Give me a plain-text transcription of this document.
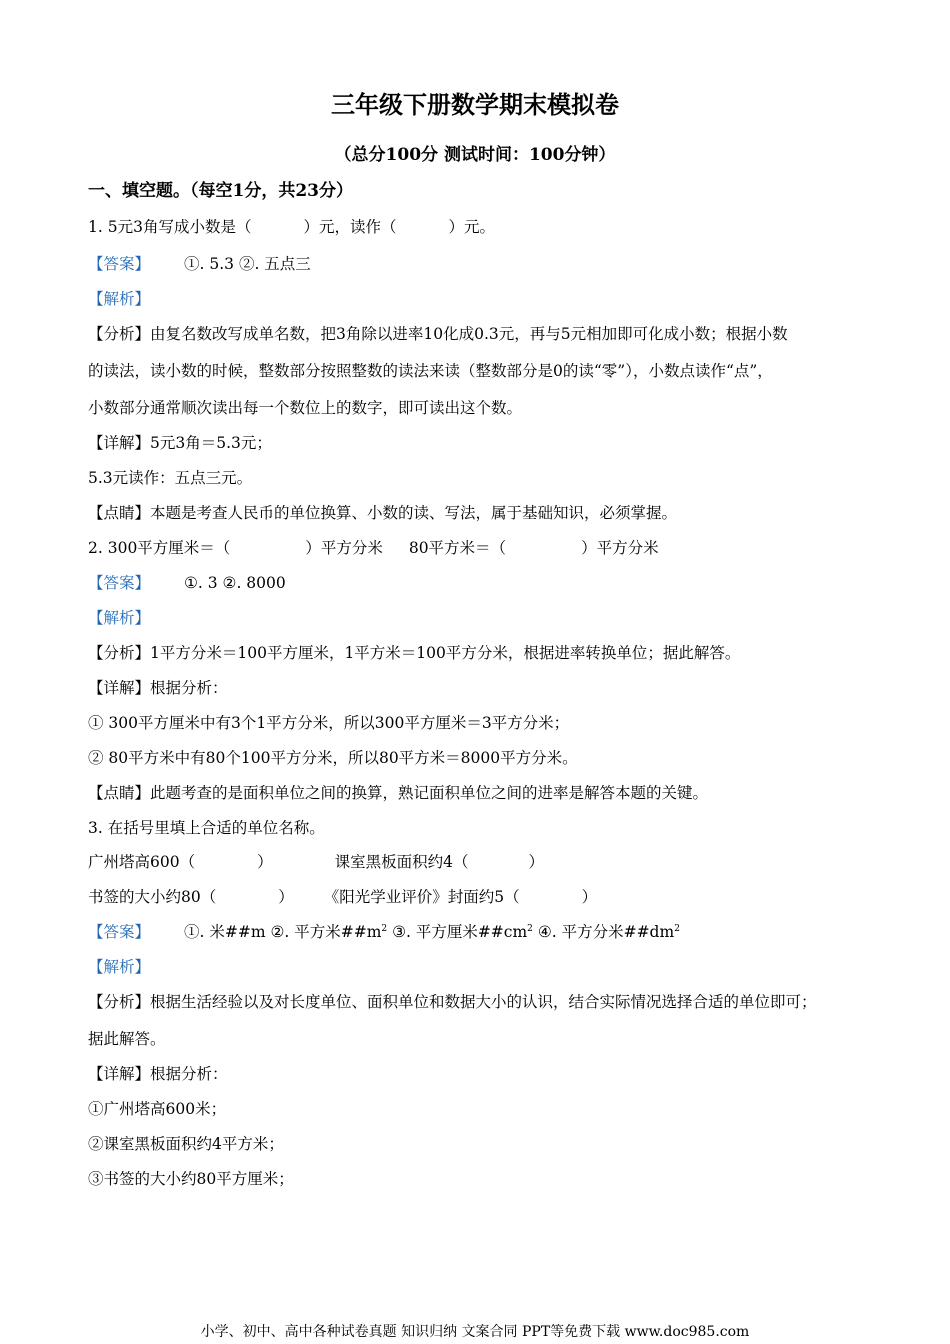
三年级下册数学期末模拟卷
（总分100分 测试时间：100分钟）
一、填空题。（每空1分，共23分）
1. 5元3角写成小数是（	）元，读作（	）元。
【答案】 ①. 5.3 ②. 五点三
【解析】
【分析】由复名数改写成单名数，把3角除以进率10化成0.3元，再与5元相加即可化成小数；根据小数
的读法，读小数的时候，整数部分按照整数的读法来读（整数部分是0的读“零”），小数点读作“点”，
小数部分通常顺次读出每一个数位上的数字，即可读出这个数。
【详解】5元3角＝5.3元；
5.3元读作：五点三元。
【点睛】本题是考查人民币的单位换算、小数的读、写法，属于基础知识，必须掌握。
2. 300平方厘米＝（	）平方分米 80平方米＝（	）平方分米
【答案】 ①. 3 ②. 8000
【解析】
【分析】1平方分米＝100平方厘米，1平方米＝100平方分米，根据进率转换单位；据此解答。
【详解】根据分析：
① 300平方厘米中有3个1平方分米，所以300平方厘米＝3平方分米；
② 80平方米中有80个100平方分米，所以80平方米＝8000平方分米。
【点睛】此题考查的是面积单位之间的换算，熟记面积单位之间的进率是解答本题的关键。
3. 在括号里填上合适的单位名称。
广州塔高600（	）	课室黑板面积约4（	）
书签的大小约80（	） 《阳光学业评价》封面约5（	）
【答案】 ①. 米##m ②. 平方米$\#\#m^2$ ③. 平方厘米$\#\#cm^2$ ④. 平方分米$\#\#dm^2$
【解析】
【分析】根据生活经验以及对长度单位、面积单位和数据大小的认识，结合实际情况选择合适的单位即可；
据此解答。
【详解】根据分析：
①广州塔高600米；
②课室黑板面积约4平方米；
③书签的大小约80平方厘米；
小学、初中、高中各种试卷真题 知识归纳 文案合同 PPT等免费下载 www.doc985.com
